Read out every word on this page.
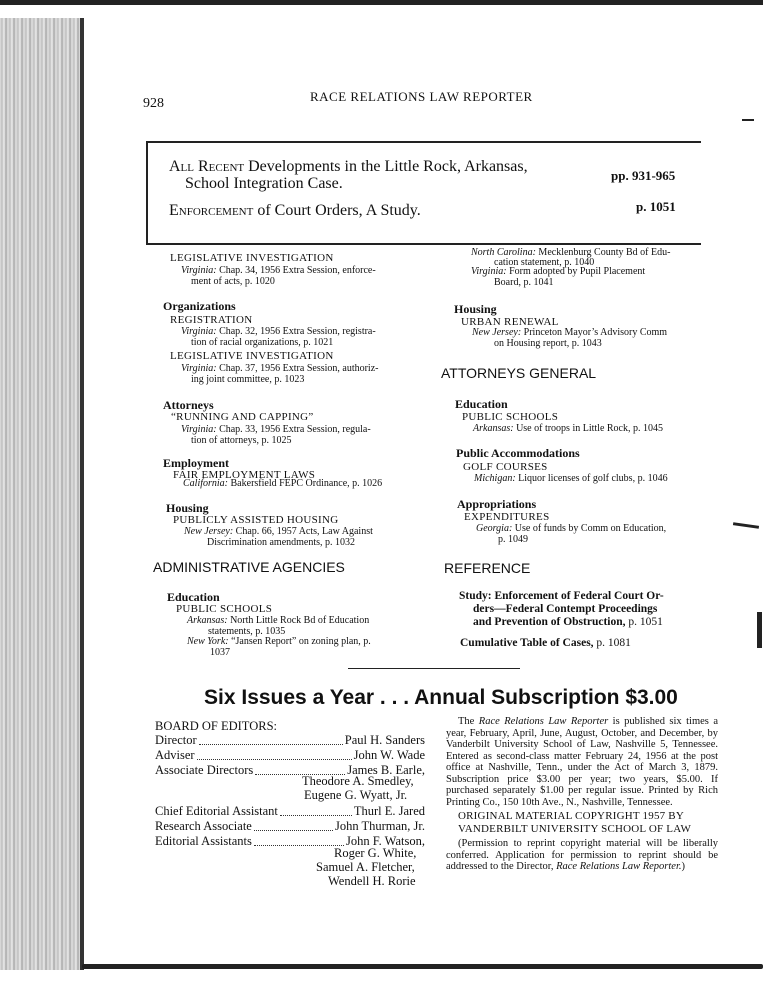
928	RACE RELATIONS LAW REPORTER
All Recent Developments in the Little Rock, Arkansas,
School Integration Case.	pp. 931-965
Enforcement of Court Orders, A Study.	p. 1051
LEGISLATIVE INVESTIGATION
Virginia: Chap. 34, 1956 Extra Session, enforce-
ment of acts, p. 1020
Organizations
REGISTRATION
Virginia: Chap. 32, 1956 Extra Session, registra-
tion of racial organizations, p. 1021
LEGISLATIVE INVESTIGATION
Virginia: Chap. 37, 1956 Extra Session, authoriz-
ing joint committee, p. 1023
Attorneys
“RUNNING AND CAPPING”
Virginia: Chap. 33, 1956 Extra Session, regula-
tion of attorneys, p. 1025
Employment
FAIR EMPLOYMENT LAWS
California: Bakersfield FEPC Ordinance, p. 1026
Housing
PUBLICLY ASSISTED HOUSING
New Jersey: Chap. 66, 1957 Acts, Law Against
Discrimination amendments, p. 1032
ADMINISTRATIVE AGENCIES
Education
PUBLIC SCHOOLS
Arkansas: North Little Rock Bd of Education
statements, p. 1035
New York: “Jansen Report” on zoning plan, p.
1037
North Carolina: Mecklenburg County Bd of Edu-
cation statement, p. 1040
Virginia: Form adopted by Pupil Placement
Board, p. 1041
Housing
URBAN RENEWAL
New Jersey: Princeton Mayor’s Advisory Comm
on Housing report, p. 1043
ATTORNEYS GENERAL
Education
PUBLIC SCHOOLS
Arkansas: Use of troops in Little Rock, p. 1045
Public Accommodations
GOLF COURSES
Michigan: Liquor licenses of golf clubs, p. 1046
Appropriations
EXPENDITURES
Georgia: Use of funds by Comm on Education,
p. 1049
REFERENCE
Study: Enforcement of Federal Court Or-
ders—Federal Contempt Proceedings
and Prevention of Obstruction, p. 1051
Cumulative Table of Cases, p. 1081
Six Issues a Year . . . Annual Subscription $3.00
BOARD OF EDITORS:
Director	Paul H. Sanders
Adviser	John W. Wade
Associate Directors	James B. Earle,
Theodore A. Smedley,
Eugene G. Wyatt, Jr.
Chief Editorial Assistant	Thurl E. Jared
Research Associate	John Thurman, Jr.
Editorial Assistants	John F. Watson,
Roger G. White,
Samuel A. Fletcher,
Wendell H. Rorie
The Race Relations Law Reporter is published six times a year, February, April, June, August, October, and December, by Vanderbilt University School of Law, Nashville 5, Tennessee. Entered as second-class matter February 24, 1956 at the post office at Nashville, Tenn., under the Act of March 3, 1879. Subscription price $3.00 per year; two years, $5.00. If purchased separately $1.00 per regular issue. Printed by Rich Printing Co., 150 10th Ave., N., Nashville, Tennessee.
ORIGINAL MATERIAL COPYRIGHT 1957 BY VANDERBILT UNIVERSITY SCHOOL OF LAW
(Permission to reprint copyright material will be liberally conferred. Application for permission to reprint should be addressed to the Director, Race Relations Law Reporter.)
